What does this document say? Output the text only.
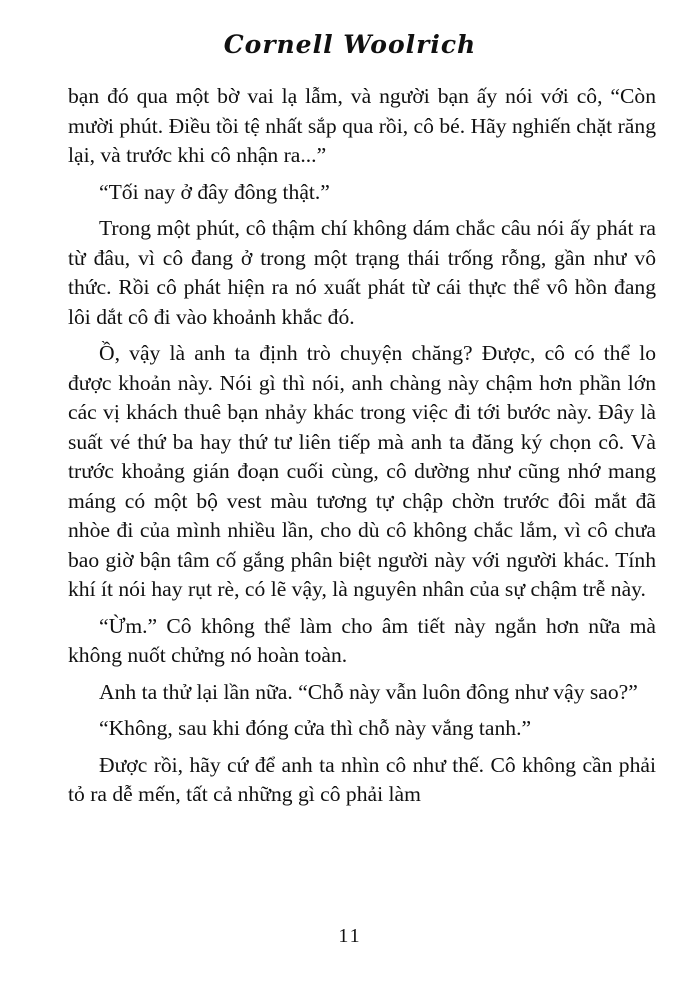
Cornell Woolrich

bạn đó qua một bờ vai lạ lẫm, và người bạn ấy nói với cô, “Còn mười phút. Điều tồi tệ nhất sắp qua rồi, cô bé. Hãy nghiến chặt răng lại, và trước khi cô nhận ra...”

“Tối nay ở đây đông thật.”

Trong một phút, cô thậm chí không dám chắc câu nói ấy phát ra từ đâu, vì cô đang ở trong một trạng thái trống rỗng, gần như vô thức. Rồi cô phát hiện ra nó xuất phát từ cái thực thể vô hồn đang lôi dắt cô đi vào khoảnh khắc đó.

Ồ, vậy là anh ta định trò chuyện chăng? Được, cô có thể lo được khoản này. Nói gì thì nói, anh chàng này chậm hơn phần lớn các vị khách thuê bạn nhảy khác trong việc đi tới bước này. Đây là suất vé thứ ba hay thứ tư liên tiếp mà anh ta đăng ký chọn cô. Và trước khoảng gián đoạn cuối cùng, cô dường như cũng nhớ mang máng có một bộ vest màu tương tự chập chờn trước đôi mắt đã nhòe đi của mình nhiều lần, cho dù cô không chắc lắm, vì cô chưa bao giờ bận tâm cố gắng phân biệt người này với người khác. Tính khí ít nói hay rụt rè, có lẽ vậy, là nguyên nhân của sự chậm trễ này.

“Ừm.” Cô không thể làm cho âm tiết này ngắn hơn nữa mà không nuốt chửng nó hoàn toàn.

Anh ta thử lại lần nữa. “Chỗ này vẫn luôn đông như vậy sao?”

“Không, sau khi đóng cửa thì chỗ này vắng tanh.”

Được rồi, hãy cứ để anh ta nhìn cô như thế. Cô không cần phải tỏ ra dễ mến, tất cả những gì cô phải làm

11
